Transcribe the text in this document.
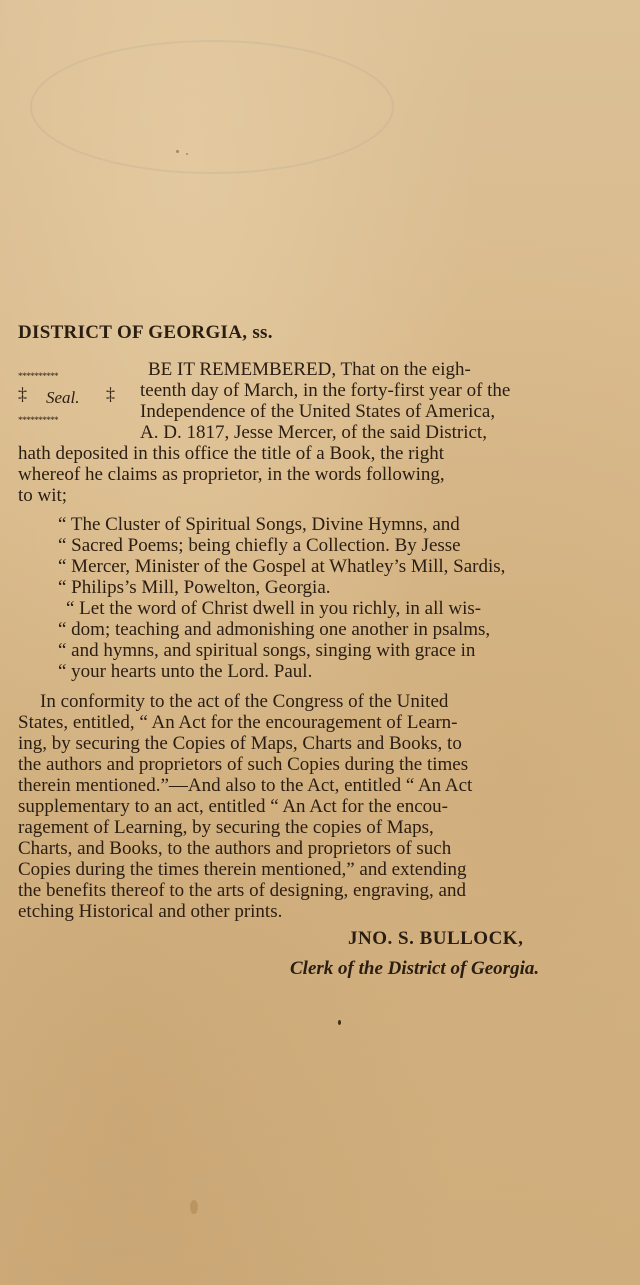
DISTRICT OF GEORGIA, ss.
**********
‡ Seal. ‡
**********
BE IT REMEMBERED, That on the eigh-
teenth day of March, in the forty-first year of the
Independence of the United States of America,
A. D. 1817, Jesse Mercer, of the said District,
hath deposited in this office the title of a Book, the right
whereof he claims as proprietor, in the words following,
to wit;
“ The Cluster of Spiritual Songs, Divine Hymns, and
“ Sacred Poems; being chiefly a Collection. By Jesse
“ Mercer, Minister of the Gospel at Whatley’s Mill, Sardis,
“ Philips’s Mill, Powelton, Georgia.
“ Let the word of Christ dwell in you richly, in all wis-
“ dom; teaching and admonishing one another in psalms,
“ and hymns, and spiritual songs, singing with grace in
“ your hearts unto the Lord. Paul.
In conformity to the act of the Congress of the United
States, entitled, “ An Act for the encouragement of Learn-
ing, by securing the Copies of Maps, Charts and Books, to
the authors and proprietors of such Copies during the times
therein mentioned.”—And also to the Act, entitled “ An Act
supplementary to an act, entitled “ An Act for the encou-
ragement of Learning, by securing the copies of Maps,
Charts, and Books, to the authors and proprietors of such
Copies during the times therein mentioned,” and extending
the benefits thereof to the arts of designing, engraving, and
etching Historical and other prints.
JNO. S. BULLOCK,
Clerk of the District of Georgia.
